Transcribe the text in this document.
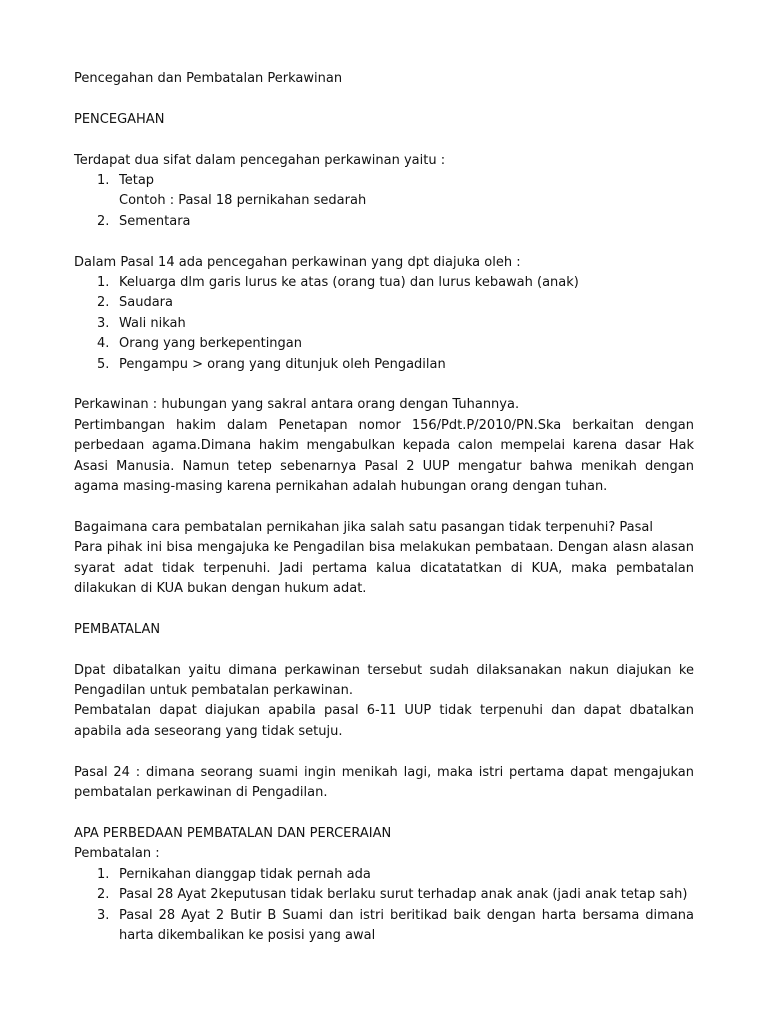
Pencegahan dan Pembatalan Perkawinan

PENCEGAHAN

Terdapat dua sifat dalam pencegahan perkawinan yaitu :

1. Tetap
Contoh : Pasal 18 pernikahan sedarah
2. Sementara

Dalam Pasal 14 ada pencegahan perkawinan yang dpt diajuka oleh :

1. Keluarga dlm garis lurus ke atas (orang tua) dan lurus kebawah (anak)
2. Saudara
3. Wali nikah
4. Orang yang berkepentingan
5. Pengampu > orang yang ditunjuk oleh Pengadilan

Perkawinan : hubungan yang sakral antara orang dengan Tuhannya.

Pertimbangan hakim dalam Penetapan nomor 156/Pdt.P/2010/PN.Ska berkaitan dengan perbedaan agama.Dimana hakim mengabulkan kepada calon mempelai karena dasar Hak Asasi Manusia. Namun tetep sebenarnya Pasal 2 UUP mengatur bahwa menikah dengan agama masing-masing karena pernikahan adalah hubungan orang dengan tuhan.

Bagaimana cara pembatalan pernikahan jika salah satu pasangan tidak terpenuhi? Pasal

Para pihak ini bisa mengajuka ke Pengadilan bisa melakukan pembataan. Dengan alasn alasan syarat adat tidak terpenuhi. Jadi pertama kalua dicatatatkan di KUA, maka pembatalan dilakukan di KUA bukan dengan hukum adat.

PEMBATALAN

Dpat dibatalkan yaitu dimana perkawinan tersebut sudah dilaksanakan nakun diajukan ke Pengadilan untuk pembatalan perkawinan.

Pembatalan dapat diajukan apabila pasal 6-11 UUP tidak terpenuhi dan dapat dbatalkan apabila ada seseorang yang tidak setuju.

Pasal 24 : dimana seorang suami ingin menikah lagi, maka istri pertama dapat mengajukan pembatalan perkawinan di Pengadilan.

APA PERBEDAAN PEMBATALAN DAN PERCERAIAN

Pembatalan :

1. Pernikahan dianggap tidak pernah ada
2. Pasal 28 Ayat 2keputusan tidak berlaku surut terhadap anak anak (jadi anak tetap sah)
3. Pasal 28 Ayat 2 Butir B Suami dan istri beritikad baik dengan harta bersama dimana harta dikembalikan ke posisi yang awal
